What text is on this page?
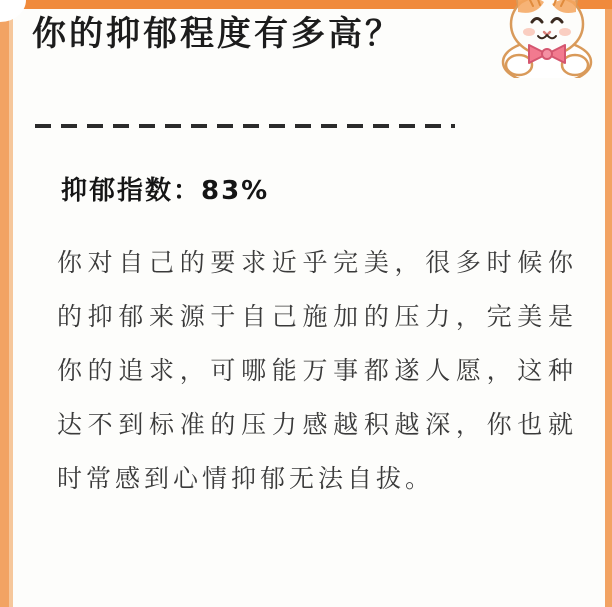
你的抑郁程度有多高？
抑郁指数：83%
你对自己的要求近乎完美，很多时候你的抑郁来源于自己施加的压力，完美是你的追求，可哪能万事都遂人愿，这种达不到标准的压力感越积越深，你也就时常感到心情抑郁无法自拔。
